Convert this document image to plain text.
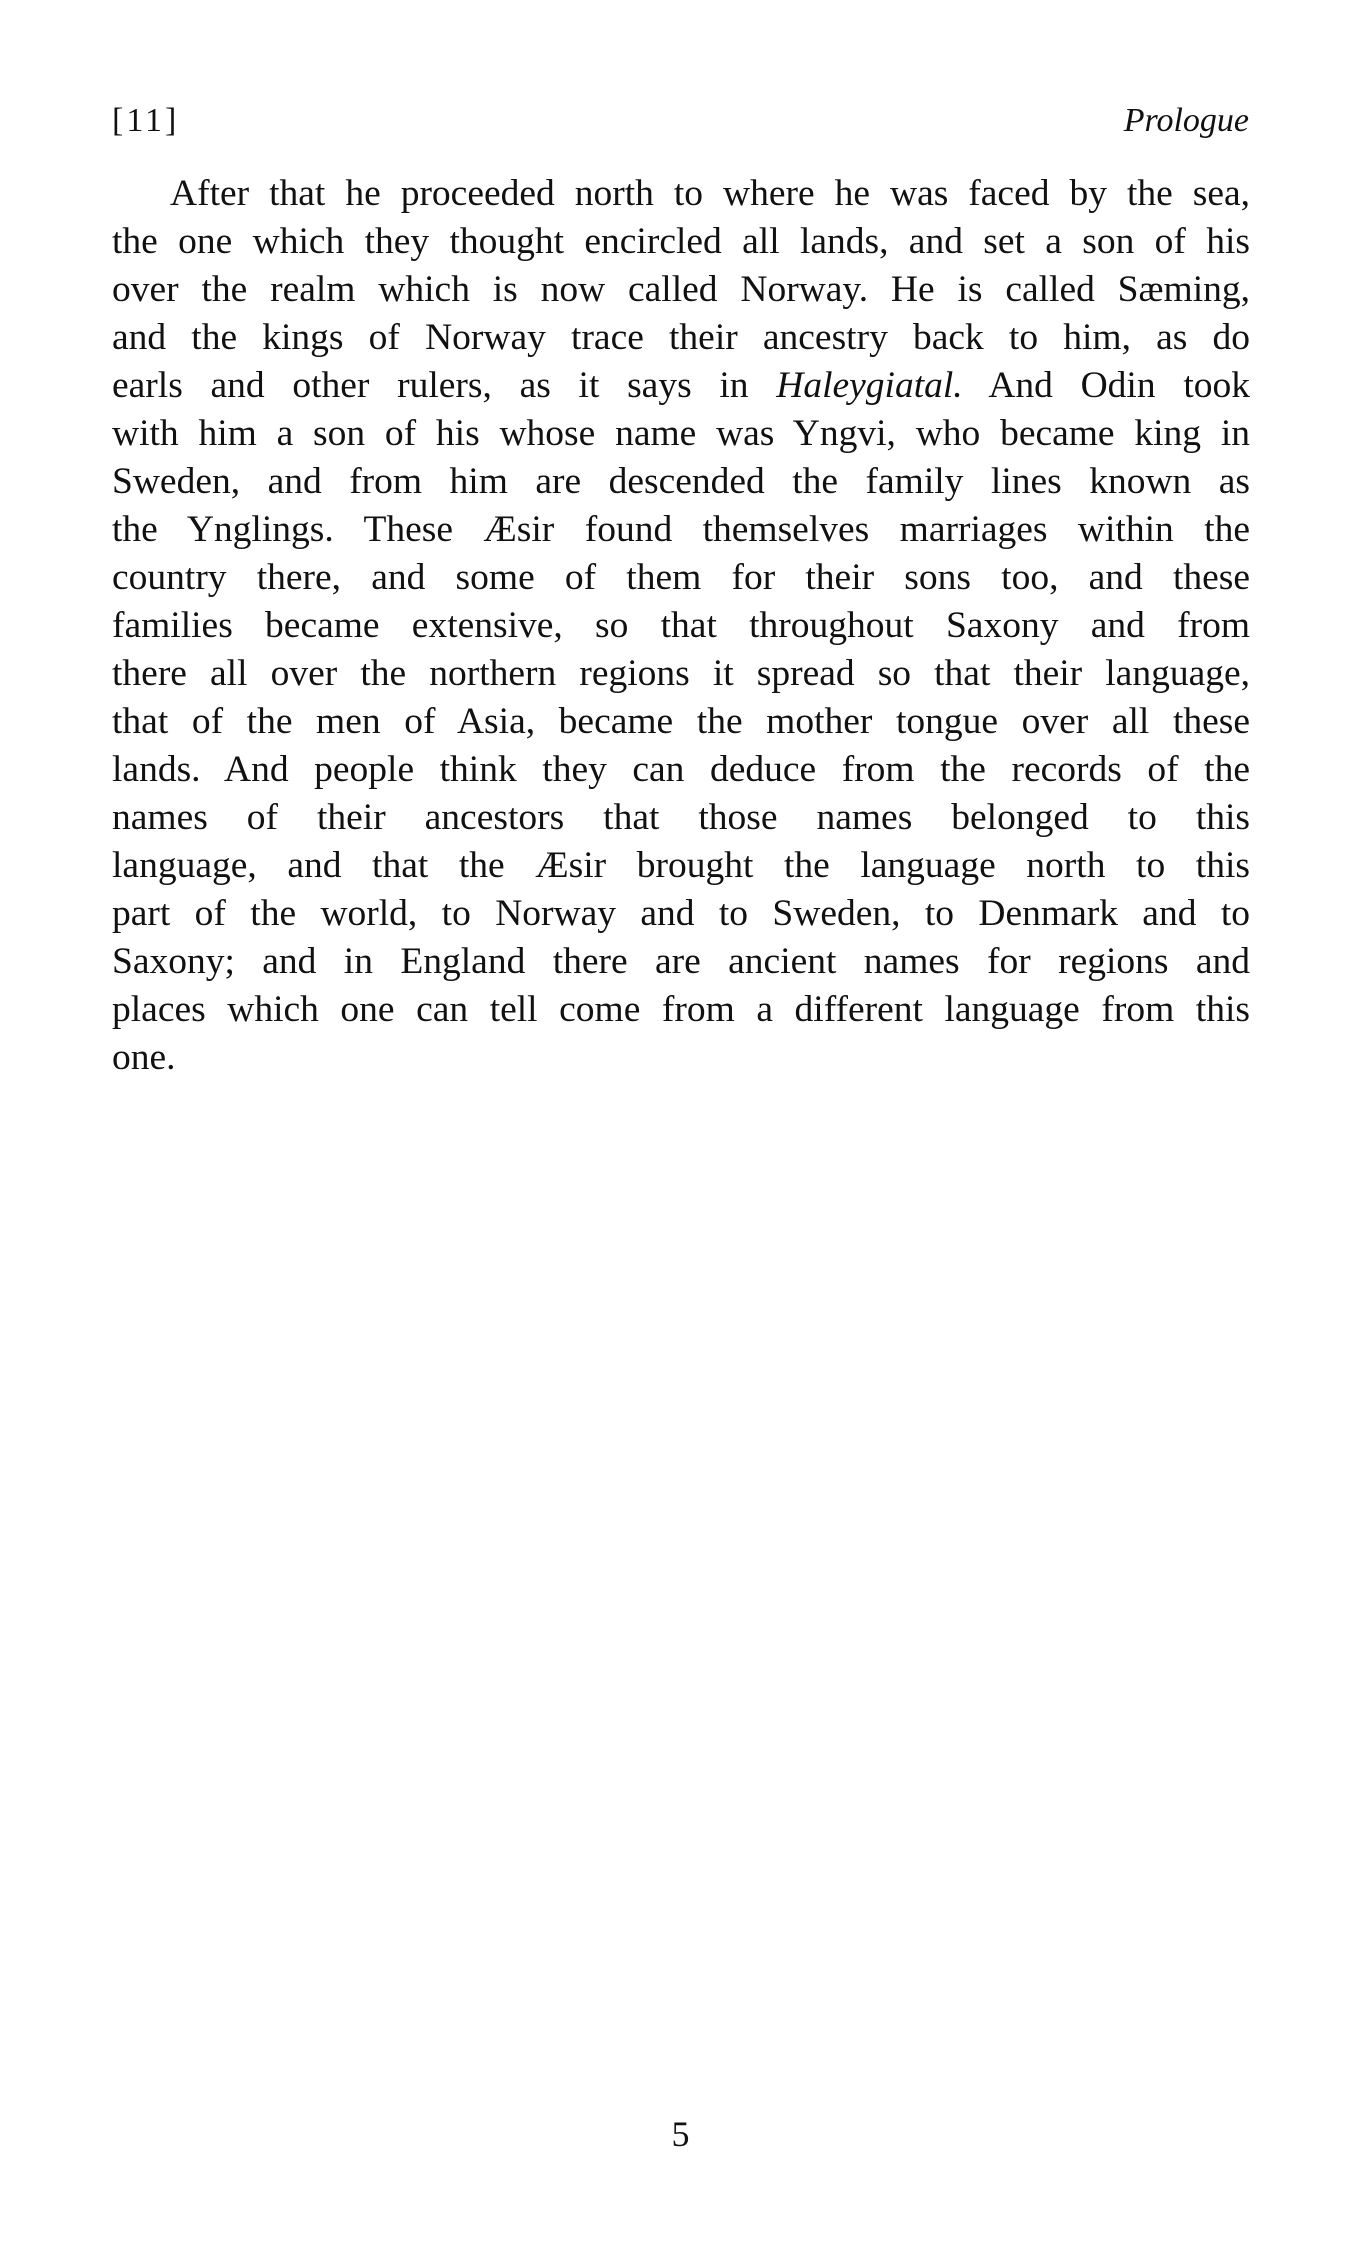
[11]	Prologue
After that he proceeded north to where he was faced by the sea,
the one which they thought encircled all lands, and set a son of his
over the realm which is now called Norway. He is called Sæming,
and the kings of Norway trace their ancestry back to him, as do
earls and other rulers, as it says in Haleygiatal. And Odin took
with him a son of his whose name was Yngvi, who became king in
Sweden, and from him are descended the family lines known as
the Ynglings. These Æsir found themselves marriages within the
country there, and some of them for their sons too, and these
families became extensive, so that throughout Saxony and from
there all over the northern regions it spread so that their language,
that of the men of Asia, became the mother tongue over all these
lands. And people think they can deduce from the records of the
names of their ancestors that those names belonged to this
language, and that the Æsir brought the language north to this
part of the world, to Norway and to Sweden, to Denmark and to
Saxony; and in England there are ancient names for regions and
places which one can tell come from a different language from this
one.
5
